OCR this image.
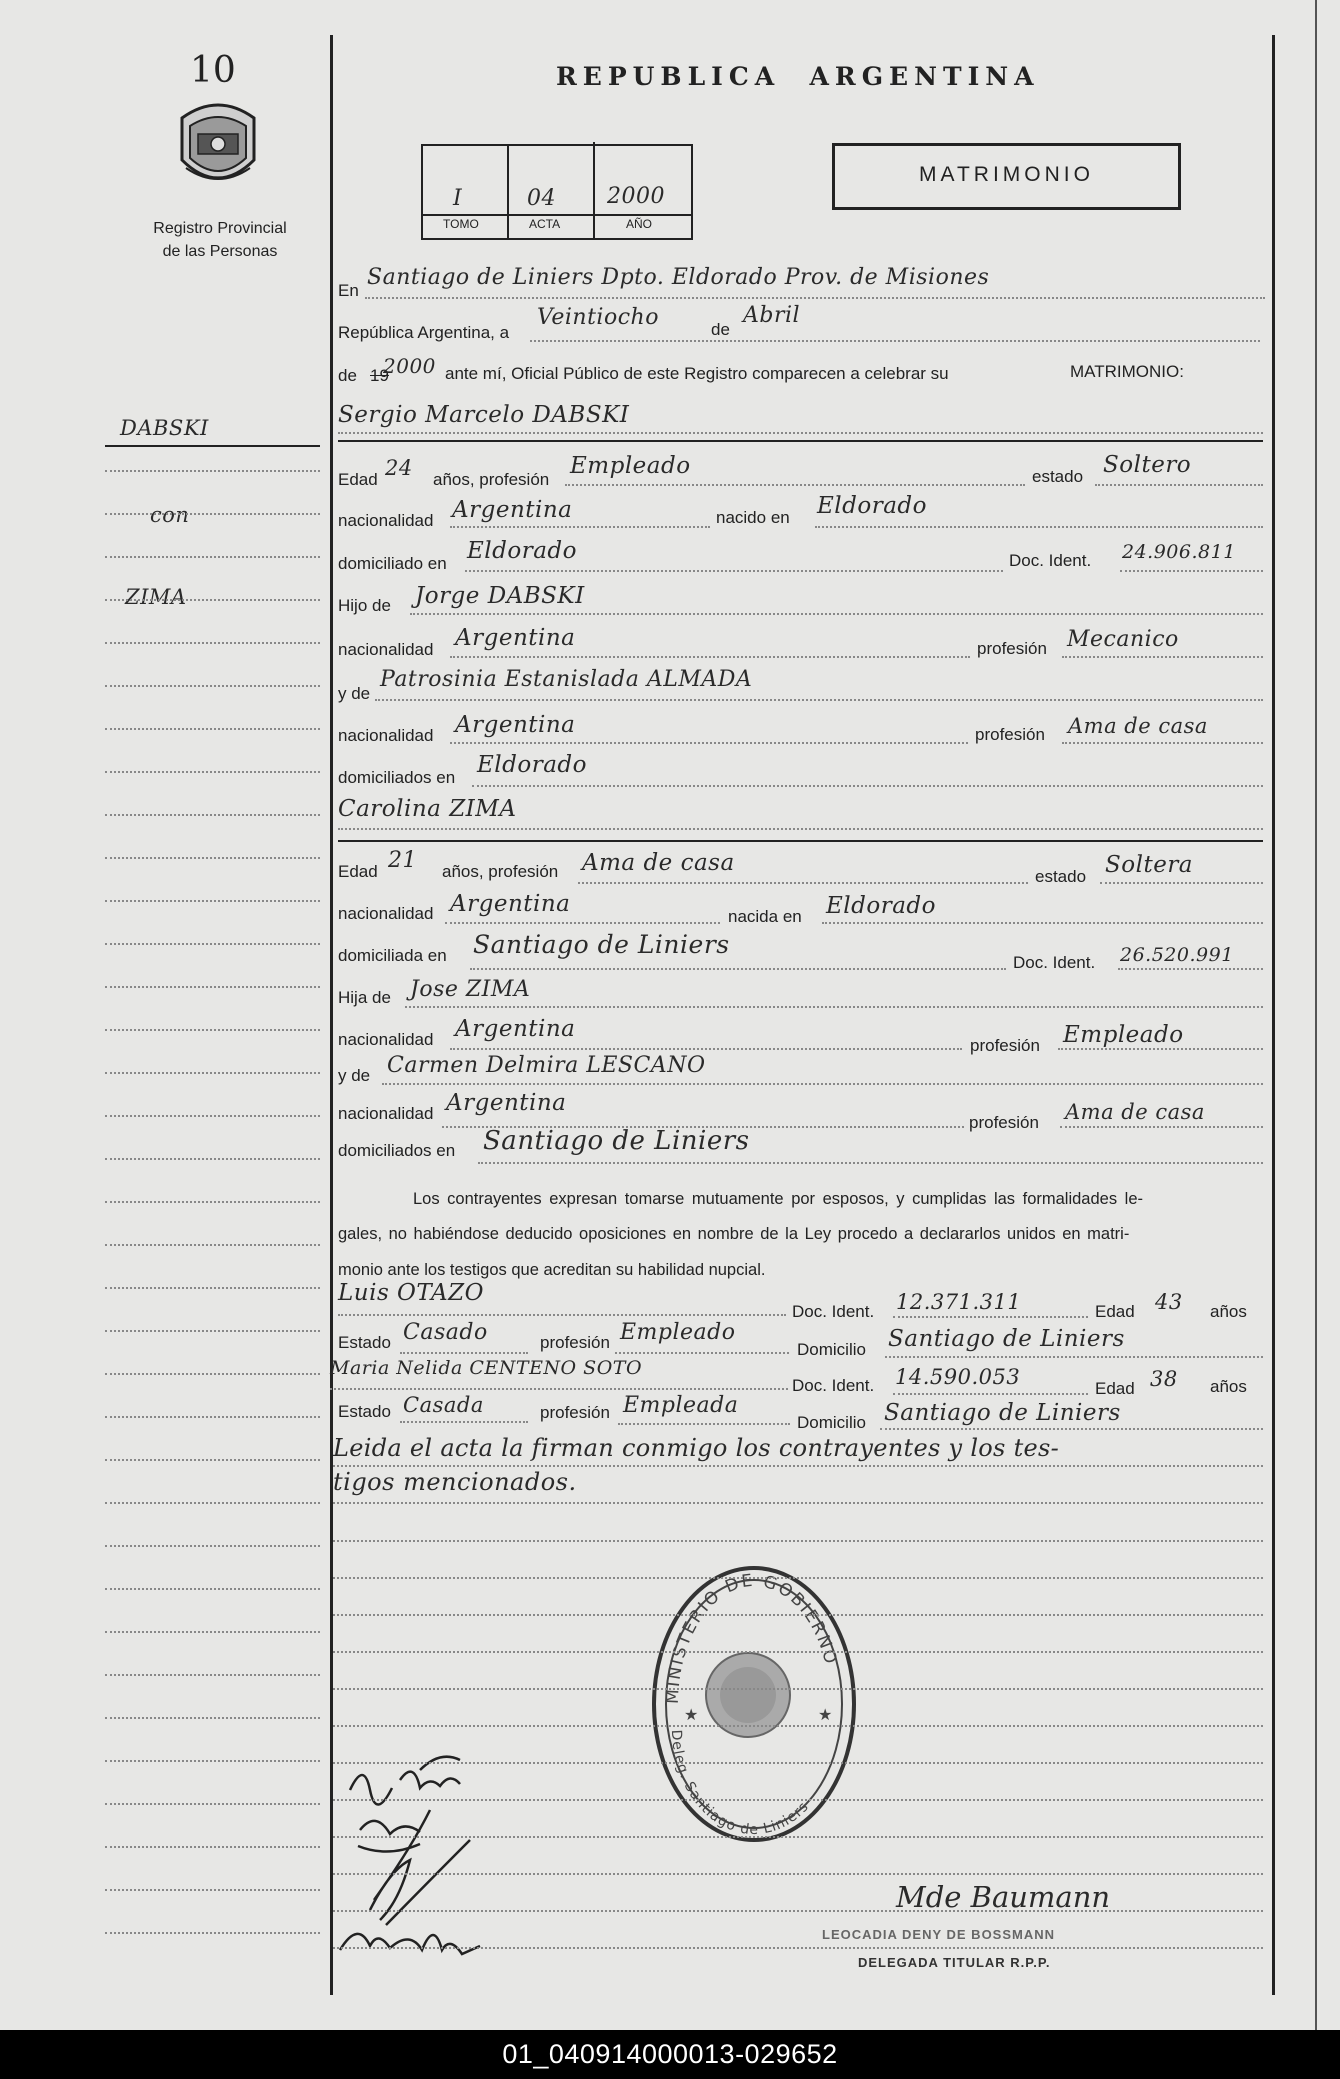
10
Registro Provincial
de las Personas
REPUBLICA  ARGENTINA
I	04 2000
TOMO	ACTA	AÑO
MATRIMONIO
DABSKI
con
ZIMA
En
Santiago de Liniers Dpto. Eldorado Prov. de Misiones
República Argentina, a
Veintiocho	de
Abril
de 19
2000 ante mí, Oficial Público de este Registro comparecen a celebrar su	MATRIMONIO:
Sergio Marcelo DABSKI
Edad 24 años, profesión
Empleado	estado Soltero
nacionalidad Argentina	nacido en Eldorado
domiciliado en Eldorado	Doc. Ident. 24.906.811
Hijo de Jorge DABSKI
nacionalidad Argentina	profesión Mecanico
y de
Patrosinia Estanislada ALMADA
nacionalidad Argentina	profesión Ama de casa
domiciliados en Eldorado
Carolina ZIMA
Edad 21 años, profesión Ama de casa
estado Soltera
nacionalidad Argentina	nacida en Eldorado
domiciliada en Santiago de Liniers
Doc. Ident. 26.520.991
Hija de Jose ZIMA
nacionalidad Argentina
profesión Empleado
y de Carmen Delmira LESCANO
nacionalidad Argentina
profesión Ama de casa
domiciliados en Santiago de Liniers
Los contrayentes expresan tomarse mutuamente por esposos, y cumplidas las formalidades le-
gales, no habiéndose deducido oposiciones en nombre de la Ley procedo a declararlos unidos en matri-
monio ante los testigos que acreditan su habilidad nupcial.
Luis OTAZO
Doc. Ident. 12.371.311	Edad 43 años
Estado Casado	profesión Empleado
Domicilio Santiago de Liniers
Maria Nelida CENTENO SOTO
Doc. Ident. 14.590.053	Edad 38 años
Estado Casada	profesión Empleada
Domicilio Santiago de Liniers
Leida el acta la firman conmigo los contrayentes y los tes-
tigos mencionados.
MINISTERIO DE GOBIERNO
Deleg. Santiago de Liniers
★	★
Mde Baumann
LEOCADIA DENY DE BOSSMANN
DELEGADA TITULAR R.P.P.
01_040914000013-029652
